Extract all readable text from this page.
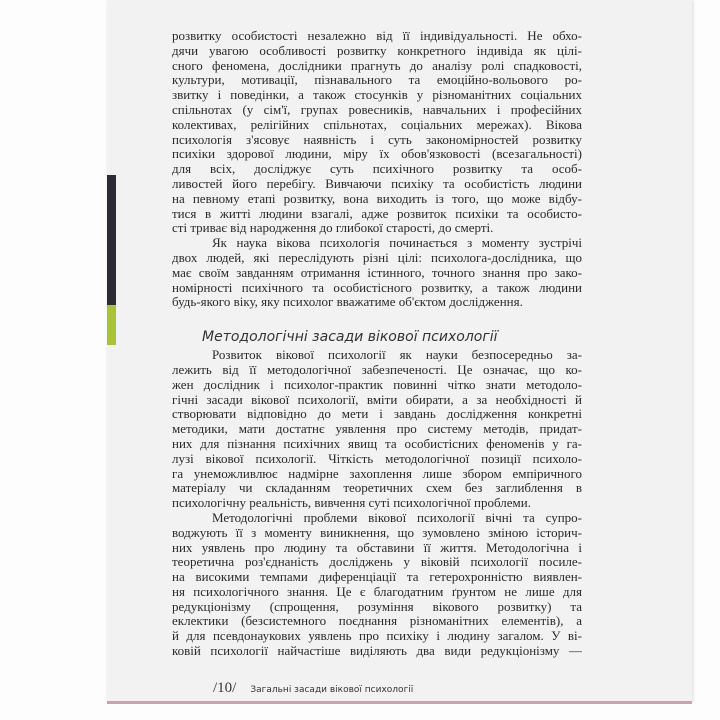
розвитку особистості незалежно від її індивідуальності. Не обхо-
дячи увагою особливості розвитку конкретного індивіда як цілі-
сного феномена, дослідники прагнуть до аналізу ролі спадковості,
культури, мотивації, пізнавального та емоційно-вольового ро-
звитку і поведінки, а також стосунків у різноманітних соціальних
спільнотах (у сім'ї, групах ровесників, навчальних і професійних
колективах, релігійних спільнотах, соціальних мережах). Вікова
психологія з'ясовує наявність і суть закономірностей розвитку
психіки здорової людини, міру їх обов'язковості (всезагальності)
для всіх, досліджує суть психічного розвитку та особ-
ливостей його перебігу. Вивчаючи психіку та особистість людини
на певному етапі розвитку, вона виходить із того, що може відбу-
тися в житті людини взагалі, адже розвиток психіки та особисто-
сті триває від народження до глибокої старості, до смерті.
Як наука вікова психологія починається з моменту зустрічі
двох людей, які переслідують різні цілі: психолога-дослідника, що
має своїм завданням отримання істинного, точного знання про зако-
номірності психічного та особистісного розвитку, а також людини
будь-якого віку, яку психолог вважатиме об'єктом дослідження.
Методологічні засади вікової психології
Розвиток вікової психології як науки безпосередньо за-
лежить від її методологічної забезпеченості. Це означає, що ко-
жен дослідник і психолог-практик повинні чітко знати методоло-
гічні засади вікової психології, вміти обирати, а за необхідності й
створювати відповідно до мети і завдань дослідження конкретні
методики, мати достатнє уявлення про систему методів, придат-
них для пізнання психічних явищ та особистісних феноменів у га-
лузі вікової психології. Чіткість методологічної позиції психоло-
га унеможливлює надмірне захоплення лише збором емпіричного
матеріалу чи складанням теоретичних схем без заглиблення в
психологічну реальність, вивчення суті психологічної проблеми.
Методологічні проблеми вікової психології вічні та супро-
воджують її з моменту виникнення, що зумовлено зміною історич-
них уявлень про людину та обставини її життя. Методологічна і
теоретична роз'єднаність досліджень у віковій психології посиле-
на високими темпами диференціації та гетерохронністю виявлен-
ня психологічного знання. Це є благодатним ґрунтом не лише для
редукціонізму (спрощення, розуміння вікового розвитку) та
еклектики (безсистемного поєднання різноманітних елементів), а
й для псевдонаукових уявлень про психіку і людину загалом. У ві-
ковій психології найчастіше виділяють два види редукціонізму —
/10/ Загальні засади вікової психології
